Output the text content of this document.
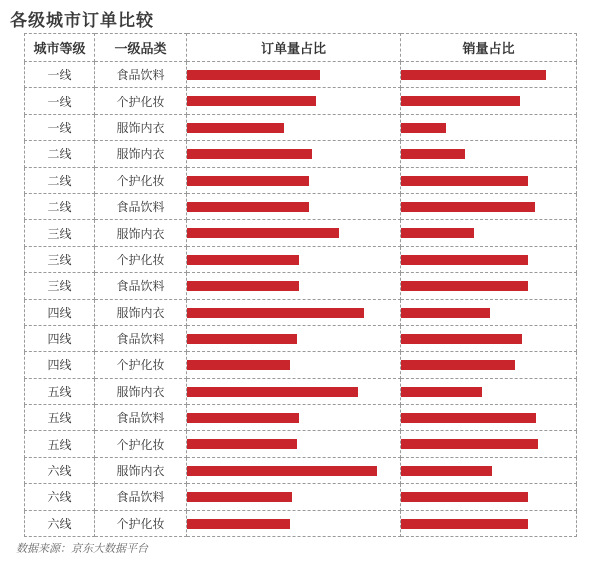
各级城市订单比较
城市等级	一级品类	订单量占比	销量占比
一线	食品饮料	

一线	个护化妆	

一线	服饰内衣	

二线	服饰内衣	

二线	个护化妆	

二线	食品饮料	

三线	服饰内衣	

三线	个护化妆	

三线	食品饮料	

四线	服饰内衣	

四线	食品饮料	

四线	个护化妆	

五线	服饰内衣	

五线	食品饮料	

五线	个护化妆	

六线	服饰内衣	

六线	食品饮料	

六线	个护化妆	

数据来源：京东大数据平台
